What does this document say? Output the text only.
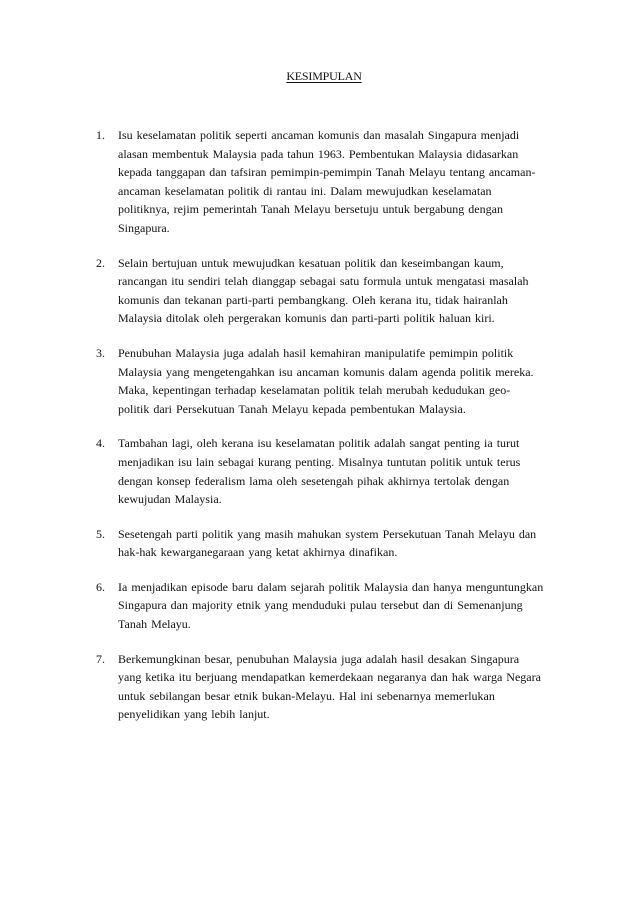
KESIMPULAN
1. Isu keselamatan politik seperti ancaman komunis dan masalah Singapura menjadi
alasan membentuk Malaysia pada tahun 1963. Pembentukan Malaysia didasarkan
kepada tanggapan dan tafsiran pemimpin-pemimpin Tanah Melayu tentang ancaman-
ancaman keselamatan politik di rantau ini. Dalam mewujudkan keselamatan
politiknya, rejim pemerintah Tanah Melayu bersetuju untuk bergabung dengan
Singapura.
2. Selain bertujuan untuk mewujudkan kesatuan politik dan keseimbangan kaum,
rancangan itu sendiri telah dianggap sebagai satu formula untuk mengatasi masalah
komunis dan tekanan parti-parti pembangkang. Oleh kerana itu, tidak hairanlah
Malaysia ditolak oleh pergerakan komunis dan parti-parti politik haluan kiri.
3. Penubuhan Malaysia juga adalah hasil kemahiran manipulatife pemimpin politik
Malaysia yang mengetengahkan isu ancaman komunis dalam agenda politik mereka.
Maka, kepentingan terhadap keselamatan politik telah merubah kedudukan geo-
politik dari Persekutuan Tanah Melayu kepada pembentukan Malaysia.
4. Tambahan lagi, oleh kerana isu keselamatan politik adalah sangat penting ia turut
menjadikan isu lain sebagai kurang penting. Misalnya tuntutan politik untuk terus
dengan konsep federalism lama oleh sesetengah pihak akhirnya tertolak dengan
kewujudan Malaysia.
5. Sesetengah parti politik yang masih mahukan system Persekutuan Tanah Melayu dan
hak-hak kewarganegaraan yang ketat akhirnya dinafikan.
6. Ia menjadikan episode baru dalam sejarah politik Malaysia dan hanya menguntungkan
Singapura dan majority etnik yang menduduki pulau tersebut dan di Semenanjung
Tanah Melayu.
7. Berkemungkinan besar, penubuhan Malaysia juga adalah hasil desakan Singapura
yang ketika itu berjuang mendapatkan kemerdekaan negaranya dan hak warga Negara
untuk sebilangan besar etnik bukan-Melayu. Hal ini sebenarnya memerlukan
penyelidikan yang lebih lanjut.
